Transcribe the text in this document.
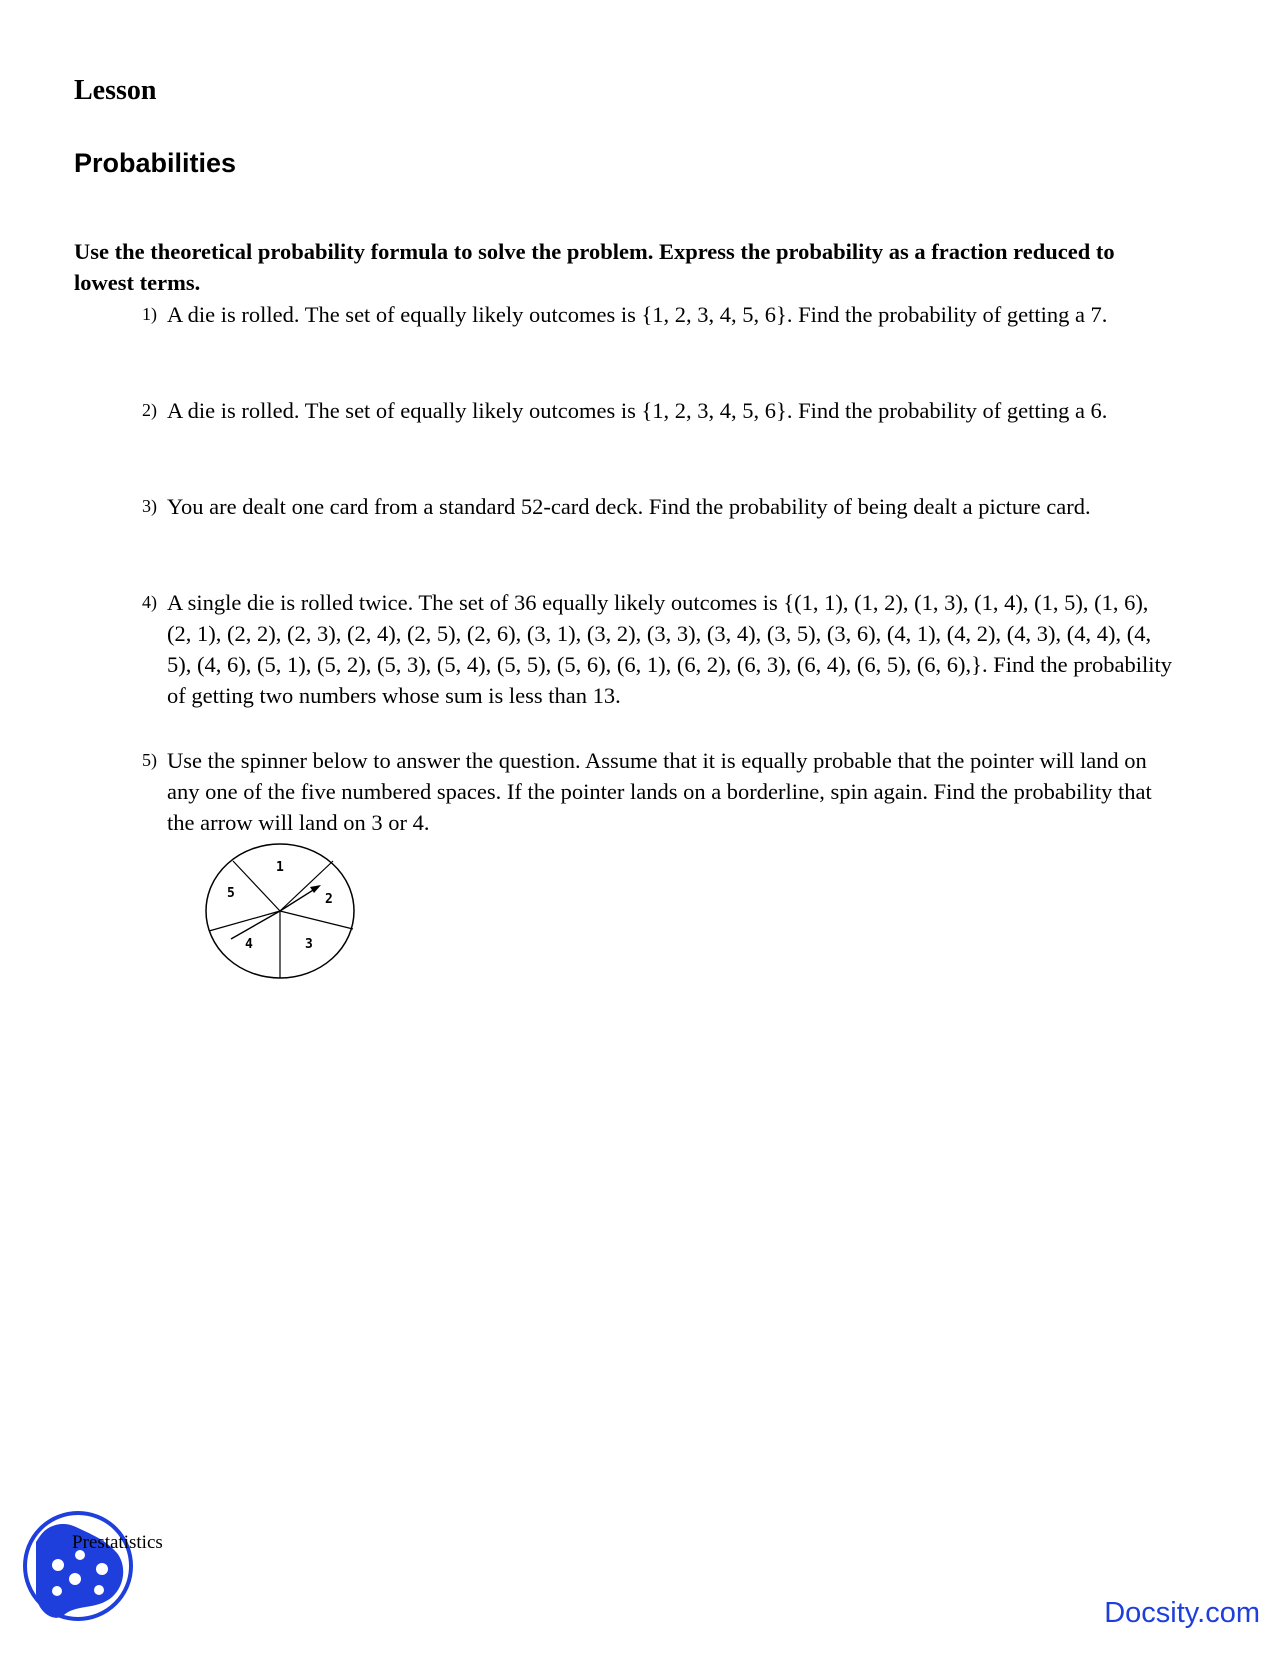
Lesson
Probabilities

Use the theoretical probability formula to solve the problem. Express the probability as a fraction reduced to lowest terms.

1) A die is rolled. The set of equally likely outcomes is {1, 2, 3, 4, 5, 6}. Find the probability of getting a 7.
2) A die is rolled. The set of equally likely outcomes is {1, 2, 3, 4, 5, 6}. Find the probability of getting a 6.
3) You are dealt one card from a standard 52-card deck. Find the probability of being dealt a picture card.
4) A single die is rolled twice. The set of 36 equally likely outcomes is {(1, 1), (1, 2), (1, 3), (1, 4), (1, 5), (1, 6), (2, 1), (2, 2), (2, 3), (2, 4), (2, 5), (2, 6), (3, 1), (3, 2), (3, 3), (3, 4), (3, 5), (3, 6), (4, 1), (4, 2), (4, 3), (4, 4), (4, 5), (4, 6), (5, 1), (5, 2), (5, 3), (5, 4), (5, 5), (5, 6), (6, 1), (6, 2), (6, 3), (6, 4), (6, 5), (6, 6),}. Find the probability of getting two numbers whose sum is less than 13.
5) Use the spinner below to answer the question. Assume that it is equally probable that the pointer will land on any one of the five numbered spaces. If the pointer lands on a borderline, spin again. Find the probability that the arrow will land on 3 or 4.
1
2
3
4
5
Prestatistics
Docsity.com
